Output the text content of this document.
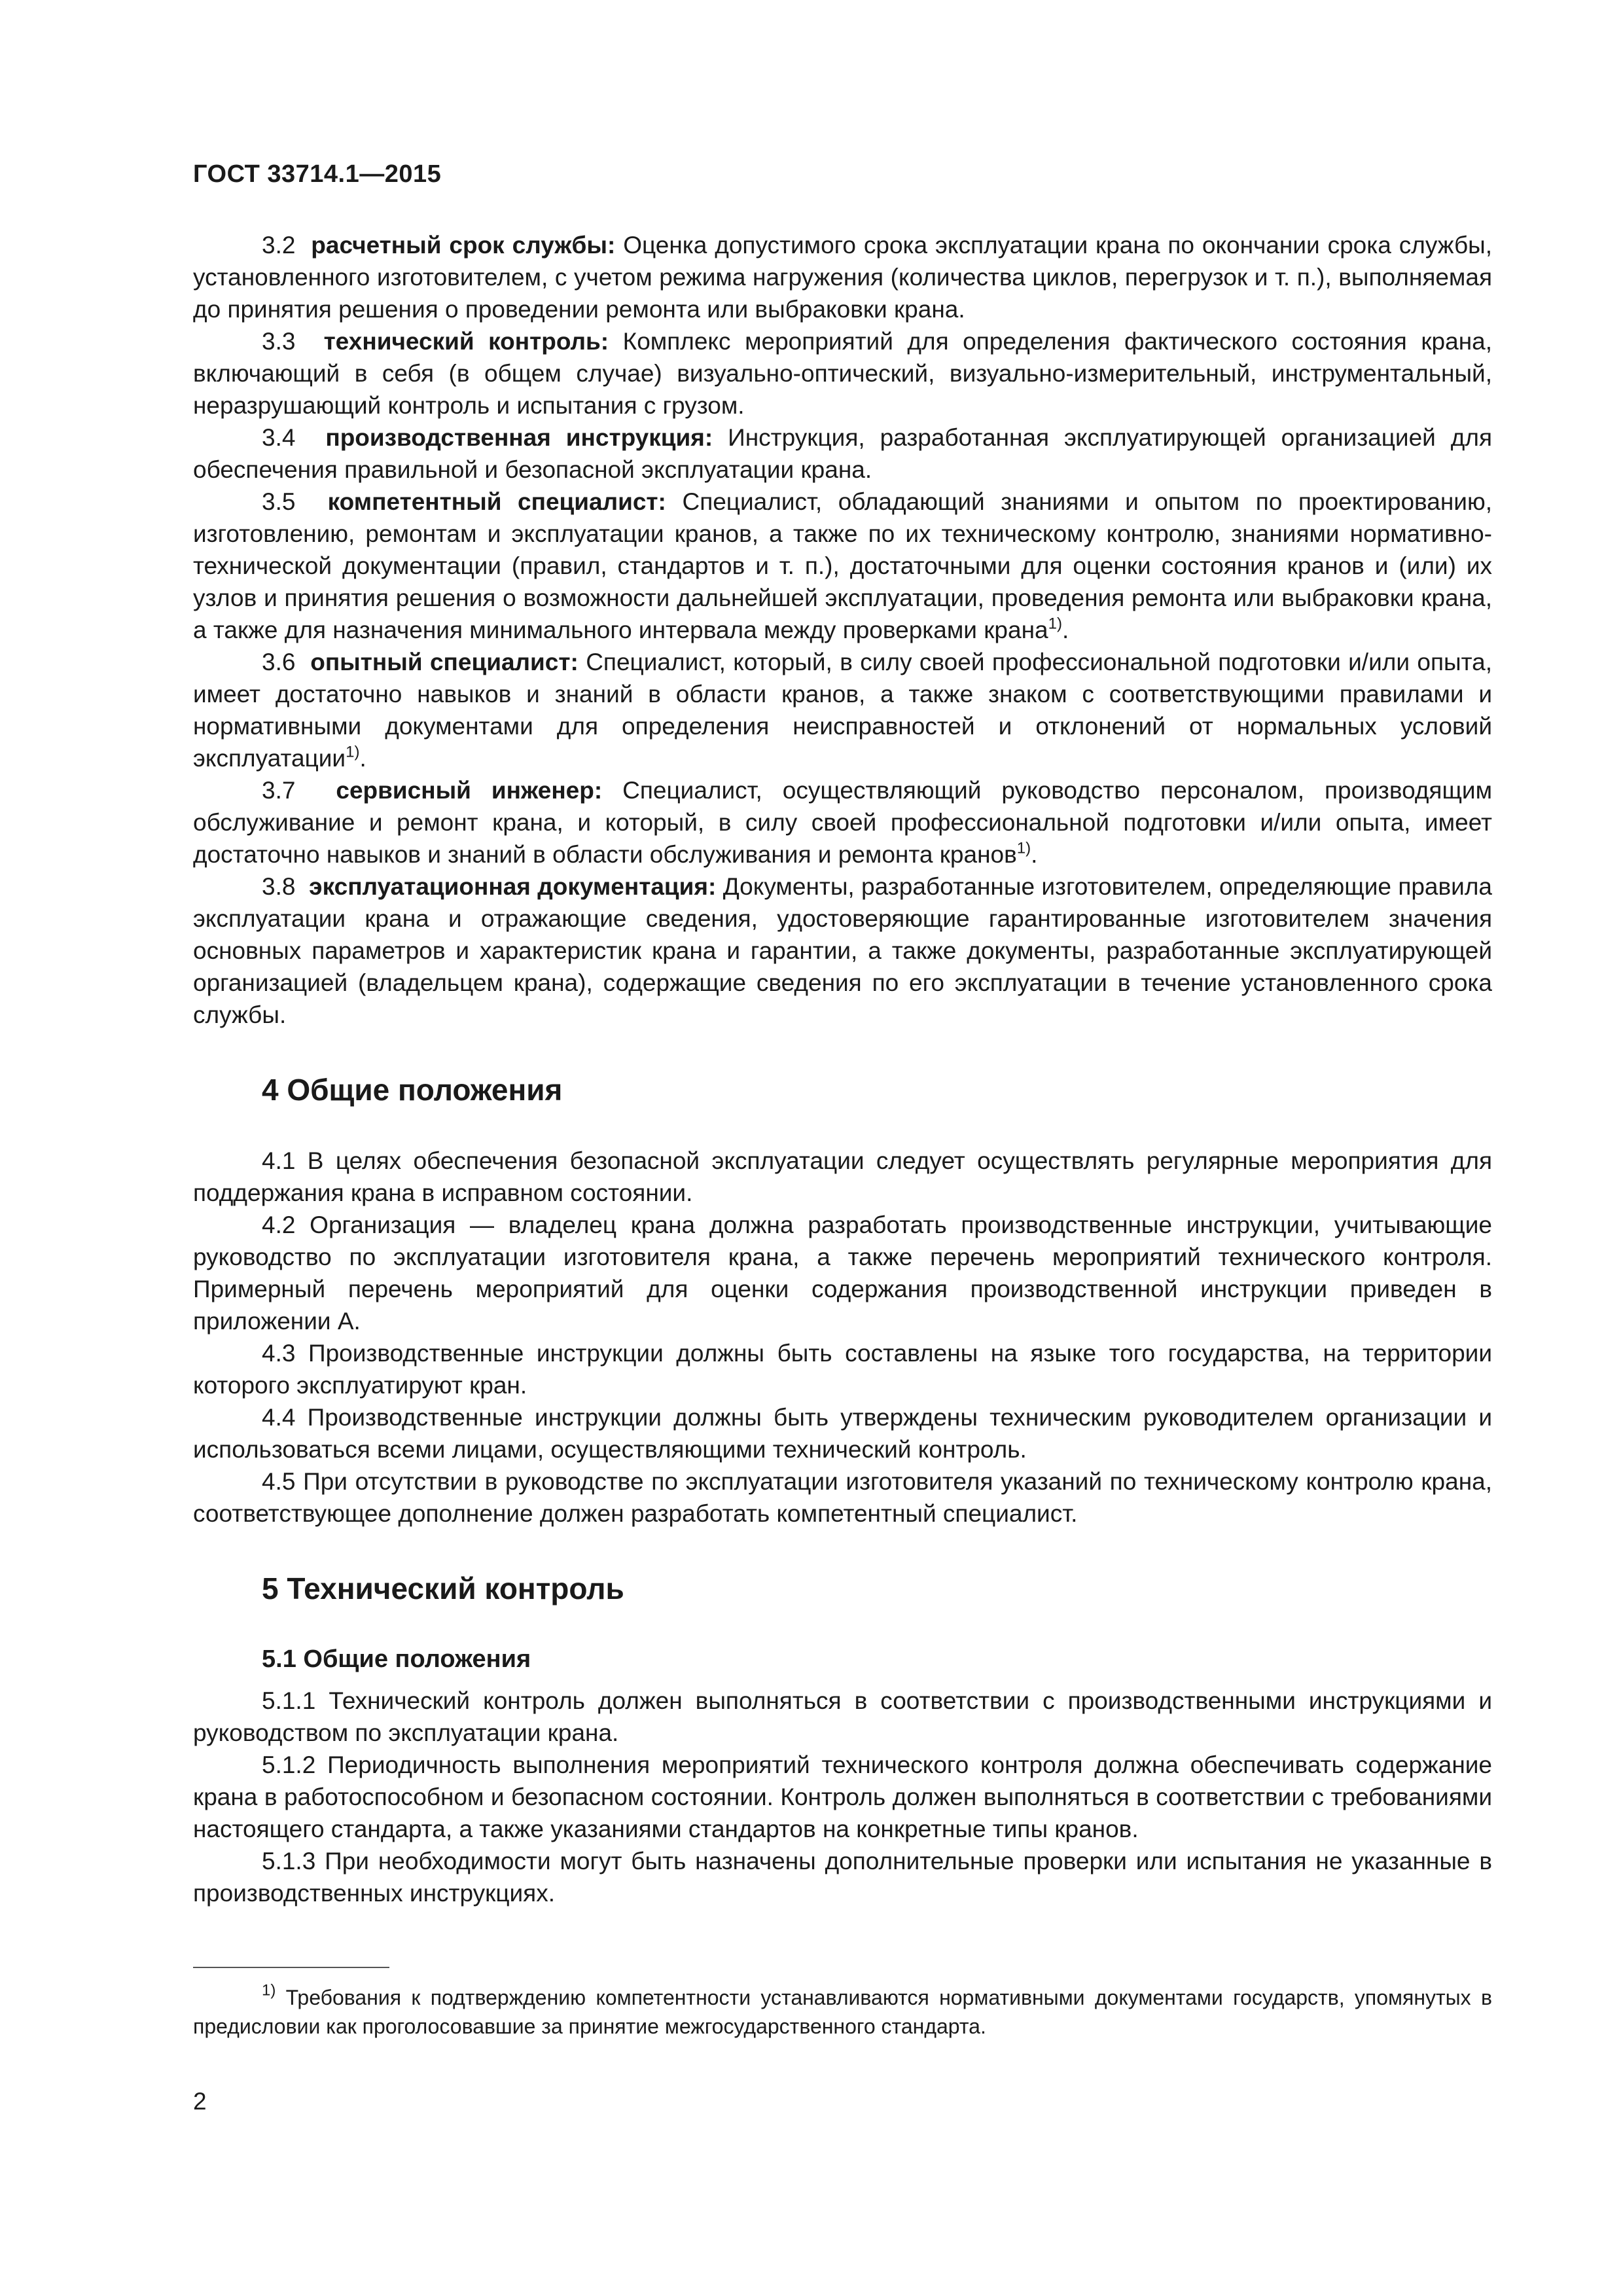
ГОСТ 33714.1—2015

3.2 расчетный срок службы: Оценка допустимого срока эксплуатации крана по окончании срока службы, установленного изготовителем, с учетом режима нагружения (количества циклов, перегрузок и т. п.), выполняемая до принятия решения о проведении ремонта или выбраковки крана.

3.3 технический контроль: Комплекс мероприятий для определения фактического состояния крана, включающий в себя (в общем случае) визуально-оптический, визуально-измерительный, инструментальный, неразрушающий контроль и испытания с грузом.

3.4 производственная инструкция: Инструкция, разработанная эксплуатирующей организацией для обеспечения правильной и безопасной эксплуатации крана.

3.5 компетентный специалист: Специалист, обладающий знаниями и опытом по проектированию, изготовлению, ремонтам и эксплуатации кранов, а также по их техническому контролю, знаниями нормативно-технической документации (правил, стандартов и т. п.), достаточными для оценки состояния кранов и (или) их узлов и принятия решения о возможности дальнейшей эксплуатации, проведения ремонта или выбраковки крана, а также для назначения минимального интервала между проверками крана$^{1)}$.

3.6 опытный специалист: Специалист, который, в силу своей профессиональной подготовки и/или опыта, имеет достаточно навыков и знаний в области кранов, а также знаком с соответствующими правилами и нормативными документами для определения неисправностей и отклонений от нормальных условий эксплуатации$^{1)}$.

3.7 сервисный инженер: Специалист, осуществляющий руководство персоналом, производящим обслуживание и ремонт крана, и который, в силу своей профессиональной подготовки и/или опыта, имеет достаточно навыков и знаний в области обслуживания и ремонта кранов$^{1)}$.

3.8 эксплуатационная документация: Документы, разработанные изготовителем, определяющие правила эксплуатации крана и отражающие сведения, удостоверяющие гарантированные изготовителем значения основных параметров и характеристик крана и гарантии, а также документы, разработанные эксплуатирующей организацией (владельцем крана), содержащие сведения по его эксплуатации в течение установленного срока службы.

4 Общие положения

4.1 В целях обеспечения безопасной эксплуатации следует осуществлять регулярные мероприятия для поддержания крана в исправном состоянии.

4.2 Организация — владелец крана должна разработать производственные инструкции, учитывающие руководство по эксплуатации изготовителя крана, а также перечень мероприятий технического контроля. Примерный перечень мероприятий для оценки содержания производственной инструкции приведен в приложении А.

4.3 Производственные инструкции должны быть составлены на языке того государства, на территории которого эксплуатируют кран.

4.4 Производственные инструкции должны быть утверждены техническим руководителем организации и использоваться всеми лицами, осуществляющими технический контроль.

4.5 При отсутствии в руководстве по эксплуатации изготовителя указаний по техническому контролю крана, соответствующее дополнение должен разработать компетентный специалист.

5 Технический контроль
5.1 Общие положения

5.1.1 Технический контроль должен выполняться в соответствии с производственными инструкциями и руководством по эксплуатации крана.

5.1.2 Периодичность выполнения мероприятий технического контроля должна обеспечивать содержание крана в работоспособном и безопасном состоянии. Контроль должен выполняться в соответствии с требованиями настоящего стандарта, а также указаниями стандартов на конкретные типы кранов.

5.1.3 При необходимости могут быть назначены дополнительные проверки или испытания не указанные в производственных инструкциях.

$^{1)}$ Требования к подтверждению компетентности устанавливаются нормативными документами государств, упомянутых в предисловии как проголосовавшие за принятие межгосударственного стандарта.
2
